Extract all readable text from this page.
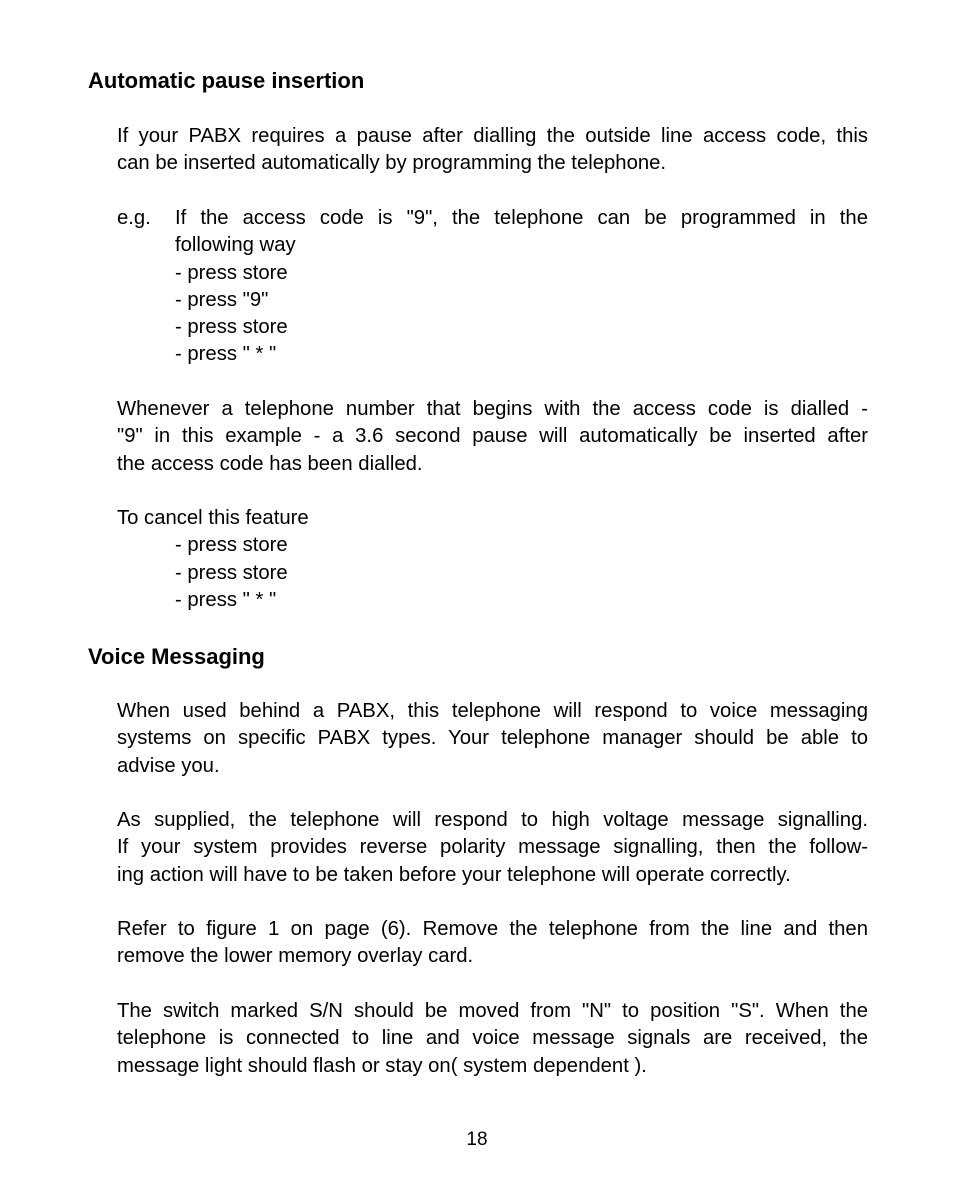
Automatic pause insertion

If your PABX requires a pause after dialling the outside line access code, this
can be inserted automatically by programming the telephone.

e.g. If the access code is "9", the telephone can be programmed in the
following way
- press store
- press "9"
- press store
- press " * "

Whenever a telephone number that begins with the access code is dialled -
"9" in this example - a 3.6 second pause will automatically be inserted after
the access code has been dialled.

To cancel this feature
- press store
- press store
- press " * "
Voice Messaging

When used behind a PABX, this telephone will respond to voice messaging
systems on specific PABX types. Your telephone manager should be able to
advise you.

As supplied, the telephone will respond to high voltage message signalling.
If your system provides reverse polarity message signalling, then the follow-
ing action will have to be taken before your telephone will operate correctly.

Refer to figure 1 on page (6). Remove the telephone from the line and then
remove the lower memory overlay card.

The switch marked S/N should be moved from "N" to position "S". When the
telephone is connected to line and voice message signals are received, the
message light should flash or stay on( system dependent ).

18
